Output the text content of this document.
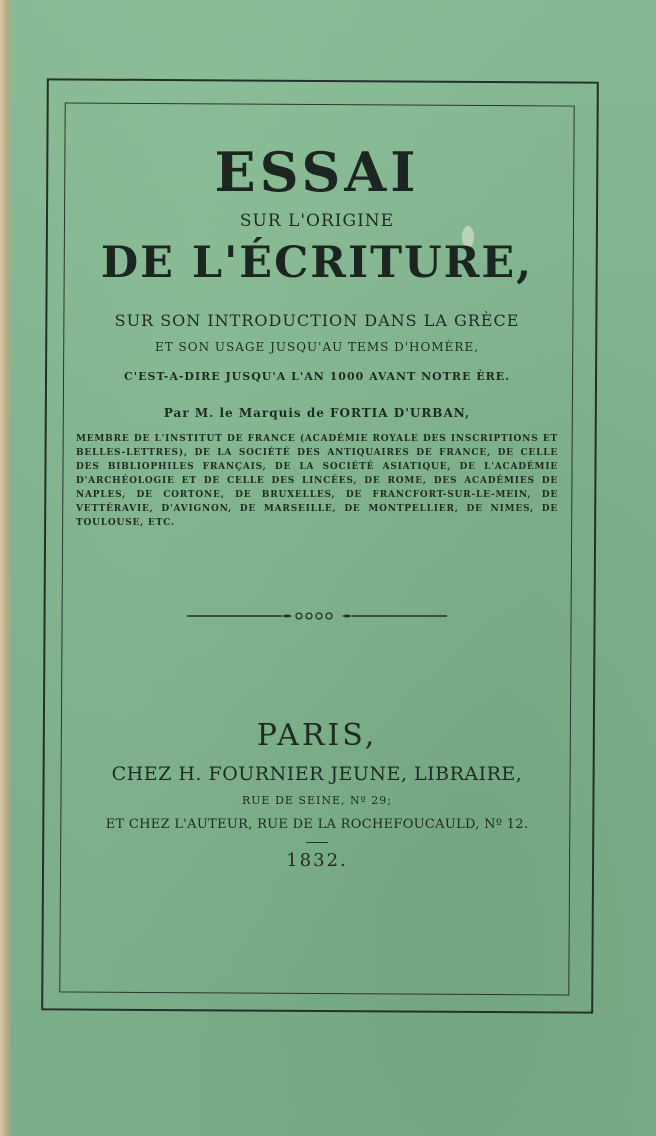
ESSAI
SUR L'ORIGINE
DE L'ÉCRITURE,
SUR SON INTRODUCTION DANS LA GRÈCE
ET SON USAGE JUSQU'AU TEMS D'HOMÈRE,
C'EST-A-DIRE JUSQU'A L'AN 1000 AVANT NOTRE ÈRE.
Par M. le Marquis de FORTIA D'URBAN,
MEMBRE DE L'INSTITUT DE FRANCE (ACADÉMIE ROYALE DES INSCRIPTIONS ET BELLES-LETTRES), DE LA SOCIÉTÉ DES ANTIQUAIRES DE FRANCE, DE CELLE DES BIBLIOPHILES FRANÇAIS, DE LA SOCIÉTÉ ASIATIQUE, DE L'ACADÉMIE D'ARCHÉOLOGIE ET DE CELLE DES LINCÉES, DE ROME, DES ACADÉMIES DE NAPLES, DE CORTONE, DE BRUXELLES, DE FRANCFORT-SUR-LE-MEIN, DE VETTÉRAVIE, D'AVIGNON, DE MARSEILLE, DE MONTPELLIER, DE NIMES, DE TOULOUSE, ETC.
PARIS,
CHEZ H. FOURNIER JEUNE, LIBRAIRE,
RUE DE SEINE, Nº 29;
ET CHEZ L'AUTEUR, RUE DE LA ROCHEFOUCAULD, Nº 12.
1832.
